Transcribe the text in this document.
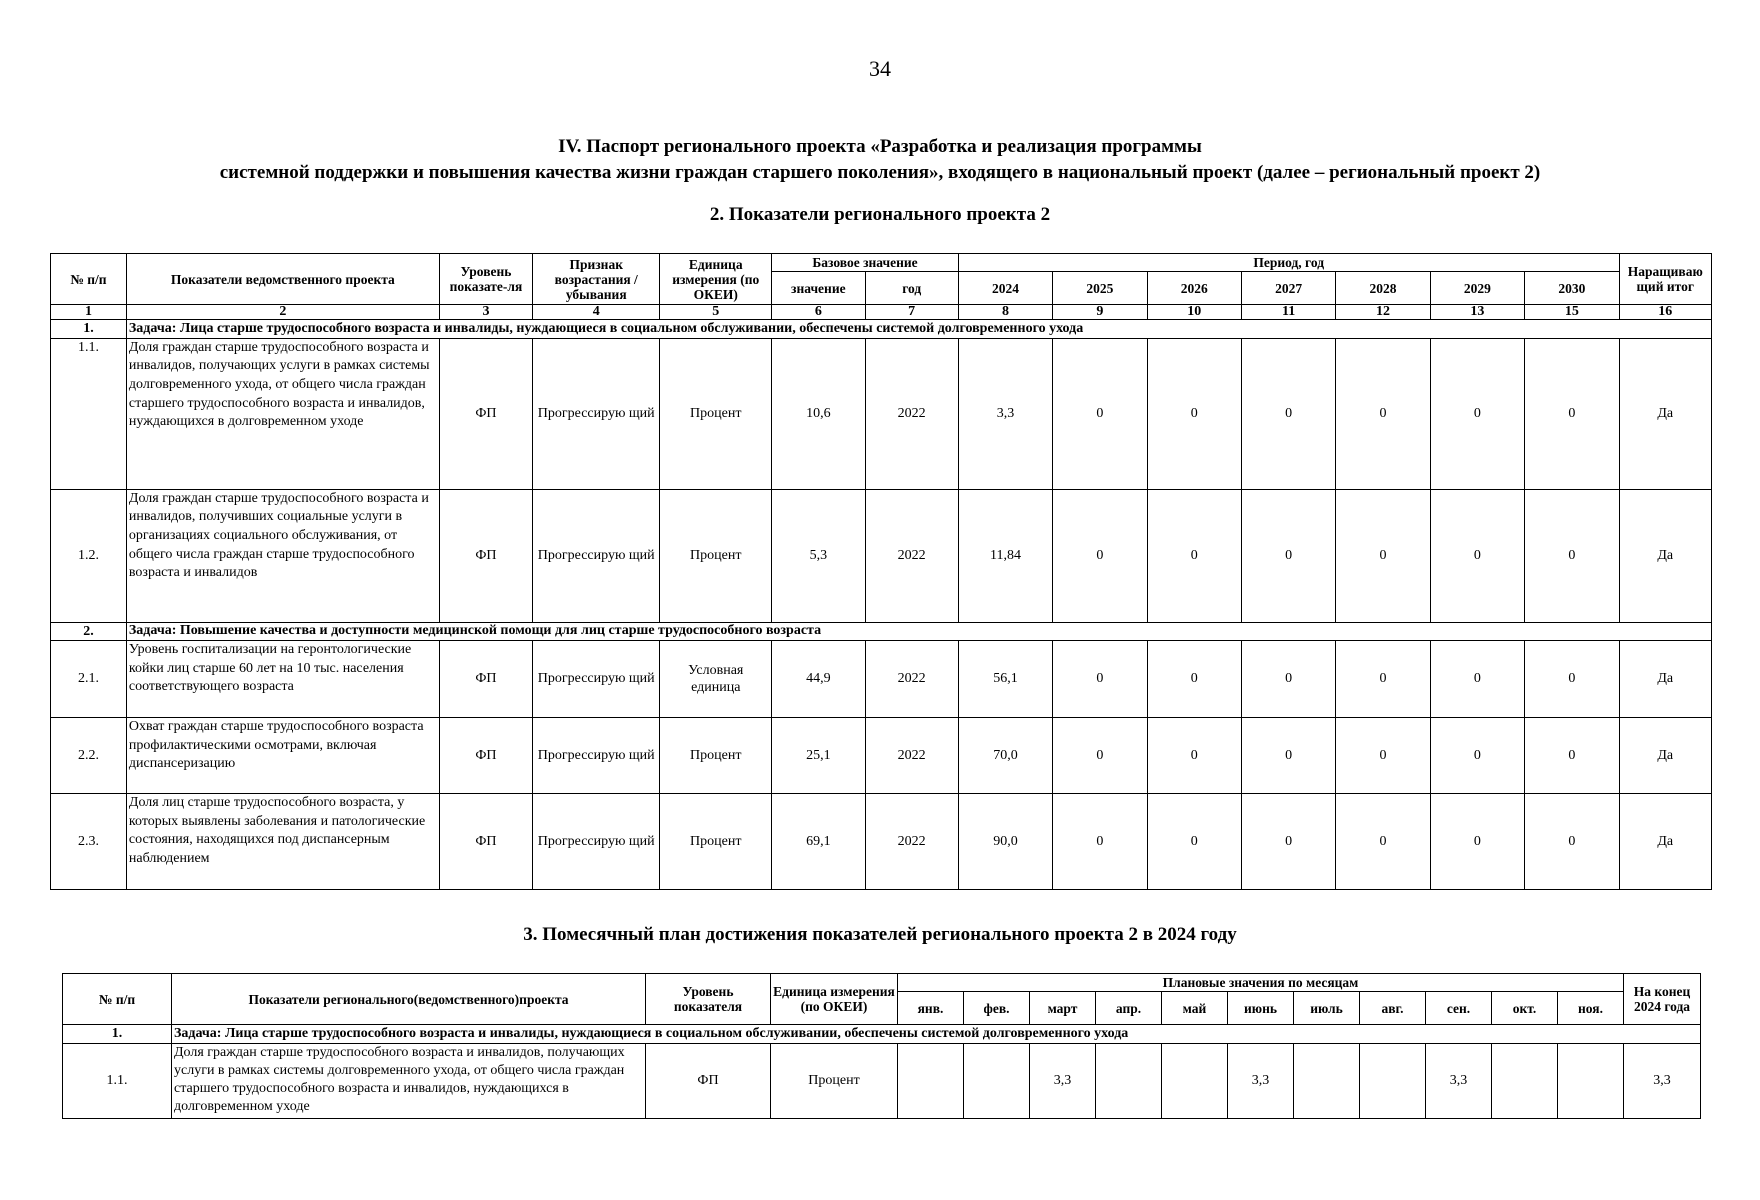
34
IV. Паспорт регионального проекта «Разработка и реализация программы
системной поддержки и повышения качества жизни граждан старшего поколения», входящего в национальный проект (далее – региональный проект 2)
2. Показатели регионального проекта 2
№ п/п	Показатели ведомственного проекта	Уровень показате-ля	Признак возрастания / убывания	Единица измерения (по ОКЕИ)	Базовое значение		Период, год							Наращиваю щий итог
					значение	год	2024	2025	2026	2027	2028	2029	2030	
1	2	3	4	5	6	7	8	9	10	11	12	13	15	16
1.	Задача: Лица старше трудоспособного возраста и инвалиды, нуждающиеся в социальном обслуживании, обеспечены системой долговременного ухода													
1.1.	Доля граждан старше трудоспособного возраста и инвалидов, получающих услуги в рамках системы долговременного ухода, от общего числа граждан старшего трудоспособного возраста и инвалидов, нуждающихся в долговременном уходе	ФП	Прогрессирую щий	Процент	10,6	2022	3,3	0	0	0	0	0	0	Да
1.2.	Доля граждан старше трудоспособного возраста и инвалидов, получивших социальные услуги в организациях социального обслуживания, от общего числа граждан старше трудоспособного возраста и инвалидов	ФП	Прогрессирую щий	Процент	5,3	2022	11,84	0	0	0	0	0	0	Да
2.	Задача: Повышение качества и доступности медицинской помощи для лиц старше трудоспособного возраста													
2.1.	Уровень госпитализации на геронтологические койки лиц старше 60 лет на 10 тыс. населения соответствующего возраста	ФП	Прогрессирую щий	Условная единица	44,9	2022	56,1	0	0	0	0	0	0	Да
2.2.	Охват граждан старше трудоспособного возраста профилактическими осмотрами, включая диспансеризацию	ФП	Прогрессирую щий	Процент	25,1	2022	70,0	0	0	0	0	0	0	Да
2.3.	Доля лиц старше трудоспособного возраста, у которых выявлены заболевания и патологические состояния, находящихся под диспансерным наблюдением	ФП	Прогрессирую щий	Процент	69,1	2022	90,0	0	0	0	0	0	0	Да
3. Помесячный план достижения показателей регионального проекта 2 в 2024 году
№ п/п	Показатели регионального(ведомственного)проекта	Уровень показателя	Единица измерения (по ОКЕИ)	Плановые значения по месяцам											На конец 2024 года
				янв.	фев.	март	апр.	май	июнь	июль	авг.	сен.	окт.	ноя.	
1.	Задача: Лица старше трудоспособного возраста и инвалиды, нуждающиеся в социальном обслуживании, обеспечены системой долговременного ухода														
1.1.	Доля граждан старше трудоспособного возраста и инвалидов, получающих услуги в рамках системы долговременного ухода, от общего числа граждан старшего трудоспособного возраста и инвалидов, нуждающихся в долговременном уходе	ФП	Процент			3,3			3,3			3,3			3,3
